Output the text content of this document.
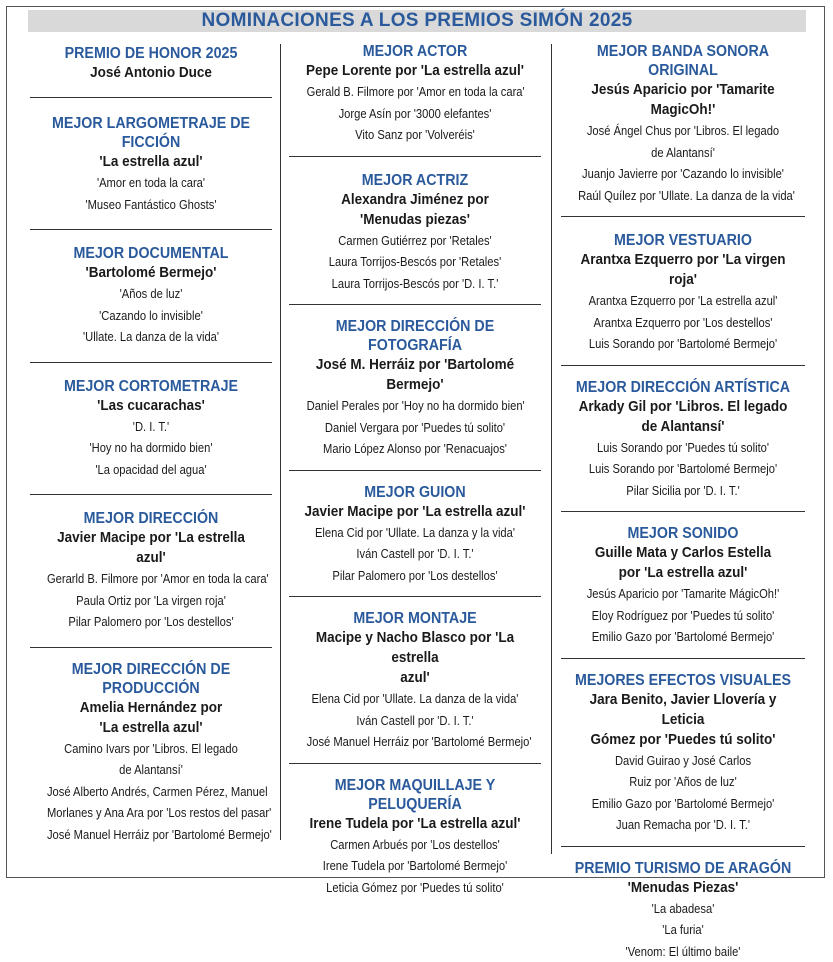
NOMINACIONES A LOS PREMIOS SIMÓN 2025
PREMIO DE HONOR 2025
José Antonio Duce
MEJOR LARGOMETRAJE DE FICCIÓN
'La estrella azul'
'Amor en toda la cara'
'Museo Fantástico Ghosts'
MEJOR DOCUMENTAL
'Bartolomé Bermejo'
'Años de luz'
'Cazando lo invisible'
'Ullate. La danza de la vida'
MEJOR CORTOMETRAJE
'Las cucarachas'
'D. I. T.'
'Hoy no ha dormido bien'
'La opacidad del agua'
MEJOR DIRECCIÓN
Javier Macipe por 'La estrella azul'
Gerarld B. Filmore por 'Amor en toda la cara'
Paula Ortiz por 'La virgen roja'
Pilar Palomero por 'Los destellos'
MEJOR DIRECCIÓN DE PRODUCCIÓN
Amelia Hernández por
'La estrella azul'
Camino Ivars por 'Libros. El legado
de Alantansí'
José Alberto Andrés, Carmen Pérez, Manuel
Morlanes y Ana Ara por 'Los restos del pasar'
José Manuel Herráiz por 'Bartolomé Bermejo'
MEJOR ACTOR
Pepe Lorente por 'La estrella azul'
Gerald B. Filmore por 'Amor en toda la cara'
Jorge Asín por '3000 elefantes'
Vito Sanz por 'Volveréis'
MEJOR ACTRIZ
Alexandra Jiménez por
'Menudas piezas'
Carmen Gutiérrez por 'Retales'
Laura Torrijos-Bescós por 'Retales'
Laura Torrijos-Bescós por 'D. I. T.'
MEJOR DIRECCIÓN DE FOTOGRAFÍA
José M. Herráiz por 'Bartolomé
Bermejo'
Daniel Perales por 'Hoy no ha dormido bien'
Daniel Vergara por 'Puedes tú solito'
Mario López Alonso por 'Renacuajos'
MEJOR GUION
Javier Macipe por 'La estrella azul'
Elena Cid por 'Ullate. La danza y la vida'
Iván Castell por 'D. I. T.'
Pilar Palomero por 'Los destellos'
MEJOR MONTAJE
Macipe y Nacho Blasco por 'La estrella
azul'
Elena Cid por 'Ullate. La danza de la vida'
Iván Castell por 'D. I. T.'
José Manuel Herráiz por 'Bartolomé Bermejo'
MEJOR MAQUILLAJE Y PELUQUERÍA
Irene Tudela por 'La estrella azul'
Carmen Arbués por 'Los destellos'
Irene Tudela por 'Bartolomé Bermejo'
Leticia Gómez por 'Puedes tú solito'
MEJOR BANDA SONORA ORIGINAL
Jesús Aparicio por 'Tamarite MagicOh!'
José Ángel Chus por 'Libros. El legado
de Alantansí'
Juanjo Javierre por 'Cazando lo invisible'
Raúl Quílez por 'Ullate. La danza de la vida'
MEJOR VESTUARIO
Arantxa Ezquerro por 'La virgen roja'
Arantxa Ezquerro por 'La estrella azul'
Arantxa Ezquerro por 'Los destellos'
Luis Sorando por 'Bartolomé Bermejo'
MEJOR DIRECCIÓN ARTÍSTICA
Arkady Gil por 'Libros. El legado
de Alantansí'
Luis Sorando por 'Puedes tú solito'
Luis Sorando por 'Bartolomé Bermejo'
Pilar Sicilia por 'D. I. T.'
MEJOR SONIDO
Guille Mata y Carlos Estella
por 'La estrella azul'
Jesús Aparicio por 'Tamarite MágicOh!'
Eloy Rodríguez por 'Puedes tú solito'
Emilio Gazo por 'Bartolomé Bermejo'
MEJORES EFECTOS VISUALES
Jara Benito, Javier Llovería y Leticia
Gómez por 'Puedes tú solito'
David Guirao y José Carlos
Ruiz por 'Años de luz'
Emilio Gazo por 'Bartolomé Bermejo'
Juan Remacha por 'D. I. T.'
PREMIO TURISMO DE ARAGÓN
'Menudas Piezas'
'La abadesa'
'La furia'
'Venom: El último baile'
